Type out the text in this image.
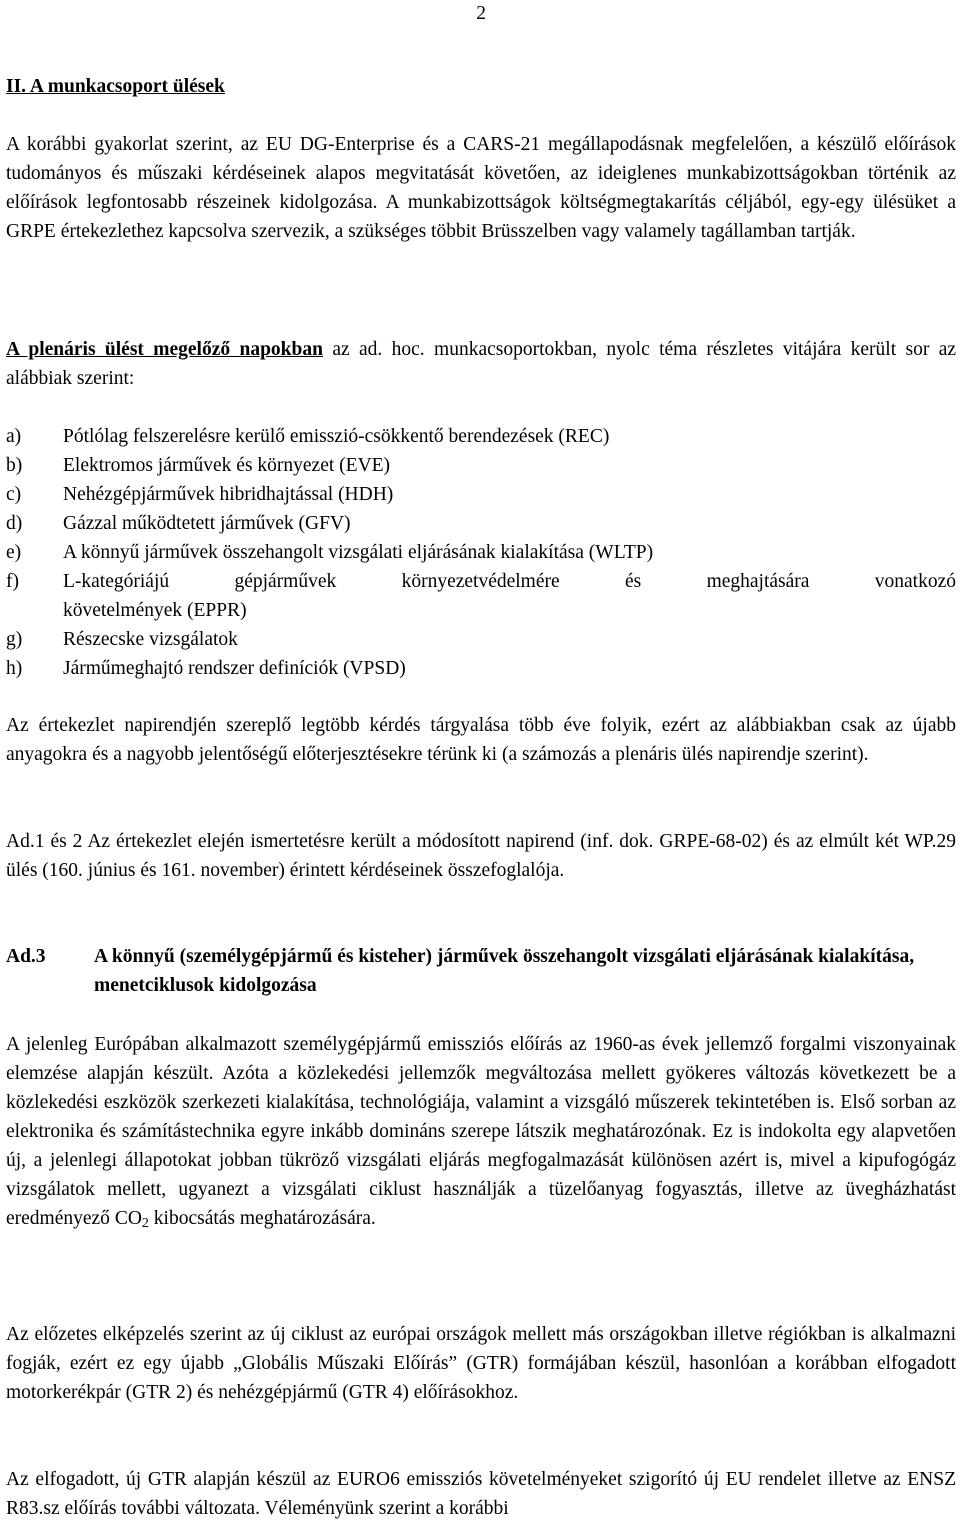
2
II. A munkacsoport ülések

A korábbi gyakorlat szerint, az EU DG-Enterprise és a CARS-21 megállapodásnak megfelelően, a készülő előírások tudományos és műszaki kérdéseinek alapos megvitatását követően, az ideiglenes munkabizottságokban történik az előírások legfontosabb részeinek kidolgozása. A munkabizottságok költségmegtakarítás céljából, egy-egy ülésüket a GRPE értekezlethez kapcsolva szervezik, a szükséges többit Brüsszelben vagy valamely tagállamban tartják.

A plenáris ülést megelőző napokban az ad. hoc. munkacsoportokban, nyolc téma részletes vitájára került sor az alábbiak szerint:

a)	Pótlólag felszerelésre kerülő emisszió-csökkentő berendezések (REC)
b)	Elektromos járművek és környezet (EVE)
c)	Nehézgépjárművek hibridhajtással (HDH)
d)	Gázzal működtetett járművek (GFV)
e)	A könnyű járművek összehangolt vizsgálati eljárásának kialakítása (WLTP)
f)	L-kategóriájú gépjárművek környezetvédelmére és meghajtására vonatkozó
követelmények (EPPR)
g)	Részecske vizsgálatok
h)	Járműmeghajtó rendszer definíciók (VPSD)

Az értekezlet napirendjén szereplő legtöbb kérdés tárgyalása több éve folyik, ezért az alábbiakban csak az újabb anyagokra és a nagyobb jelentőségű előterjesztésekre térünk ki (a számozás a plenáris ülés napirendje szerint).

Ad.1 és 2 Az értekezlet elején ismertetésre került a módosított napirend (inf. dok. GRPE-68-02) és az elmúlt két WP.29 ülés (160. június és 161. november) érintett kérdéseinek összefoglalója.

Ad.3	A könnyű (személygépjármű és kisteher) járművek összehangolt vizsgálati eljárásának kialakítása, menetciklusok kidolgozása

A jelenleg Európában alkalmazott személygépjármű emissziós előírás az 1960-as évek jellemző forgalmi viszonyainak elemzése alapján készült. Azóta a közlekedési jellemzők megváltozása mellett gyökeres változás következett be a közlekedési eszközök szerkezeti kialakítása, technológiája, valamint a vizsgáló műszerek tekintetében is. Első sorban az elektronika és számítástechnika egyre inkább domináns szerepe látszik meghatározónak. Ez is indokolta egy alapvetően új, a jelenlegi állapotokat jobban tükröző vizsgálati eljárás megfogalmazását különösen azért is, mivel a kipufogógáz vizsgálatok mellett, ugyanezt a vizsgálati ciklust használják a tüzelőanyag fogyasztás, illetve az üvegházhatást eredményező $CO_2$ kibocsátás meghatározására.

Az előzetes elképzelés szerint az új ciklust az európai országok mellett más országokban illetve régiókban is alkalmazni fogják, ezért ez egy újabb „Globális Műszaki Előírás” (GTR) formájában készül, hasonlóan a korábban elfogadott motorkerékpár (GTR 2) és nehézgépjármű (GTR 4) előírásokhoz.

Az elfogadott, új GTR alapján készül az EURO6 emissziós követelményeket szigorító új EU rendelet illetve az ENSZ R83.sz előírás további változata. Véleményünk szerint a korábbi
